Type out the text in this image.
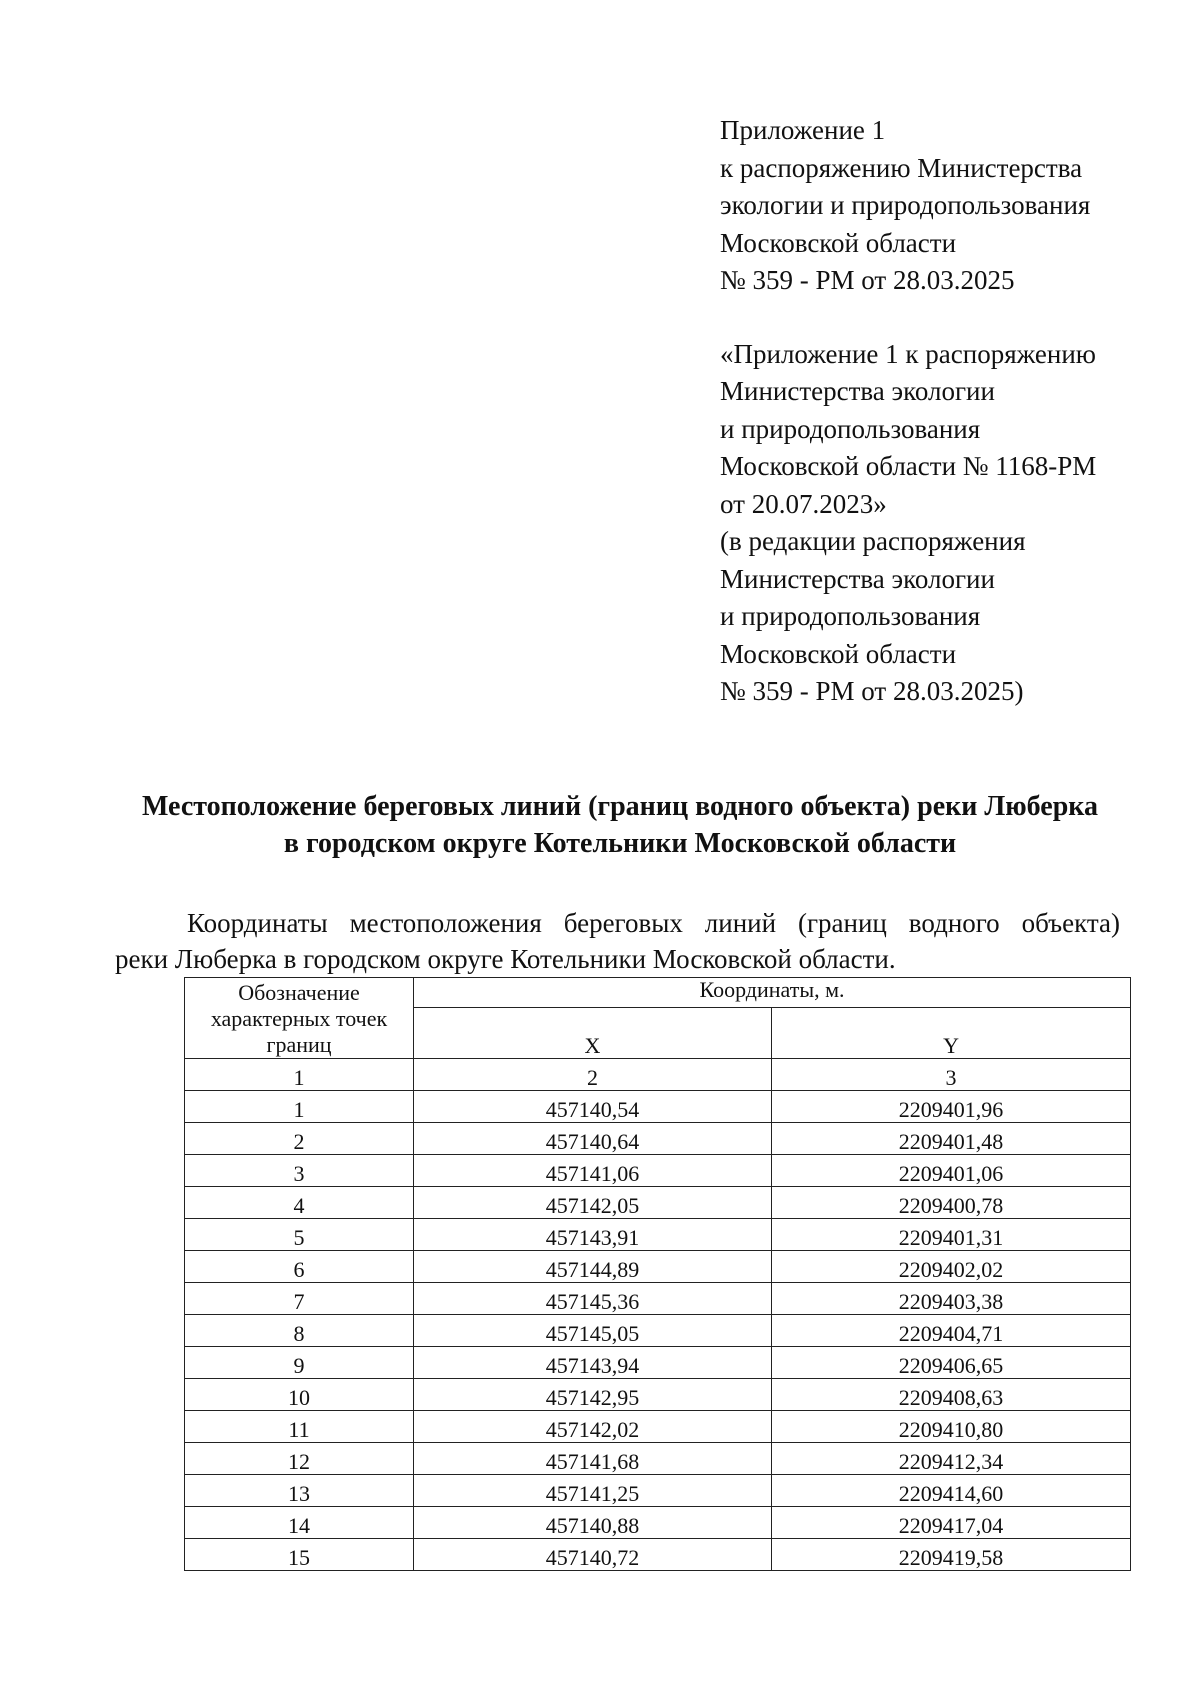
Приложение 1
к распоряжению Министерства
экологии и природопользования
Московской области
№ 359 - РМ от 28.03.2025
«Приложение 1 к распоряжению
Министерства экологии
и природопользования
Московской области № 1168-РМ
от 20.07.2023»
(в редакции распоряжения
Министерства экологии
и природопользования
Московской области
№ 359 - РМ от 28.03.2025)
Местоположение береговых линий (границ водного объекта) реки Люберка
в городском округе Котельники Московской области
Координаты местоположения береговых линий (границ водного объекта)
реки Люберка в городском округе Котельники Московской области.
Обозначение характерных точек границ	Координаты, м.	
	X	Y
1	2	3
1	457140,54	2209401,96
2	457140,64	2209401,48
3	457141,06	2209401,06
4	457142,05	2209400,78
5	457143,91	2209401,31
6	457144,89	2209402,02
7	457145,36	2209403,38
8	457145,05	2209404,71
9	457143,94	2209406,65
10	457142,95	2209408,63
11	457142,02	2209410,80
12	457141,68	2209412,34
13	457141,25	2209414,60
14	457140,88	2209417,04
15	457140,72	2209419,58
